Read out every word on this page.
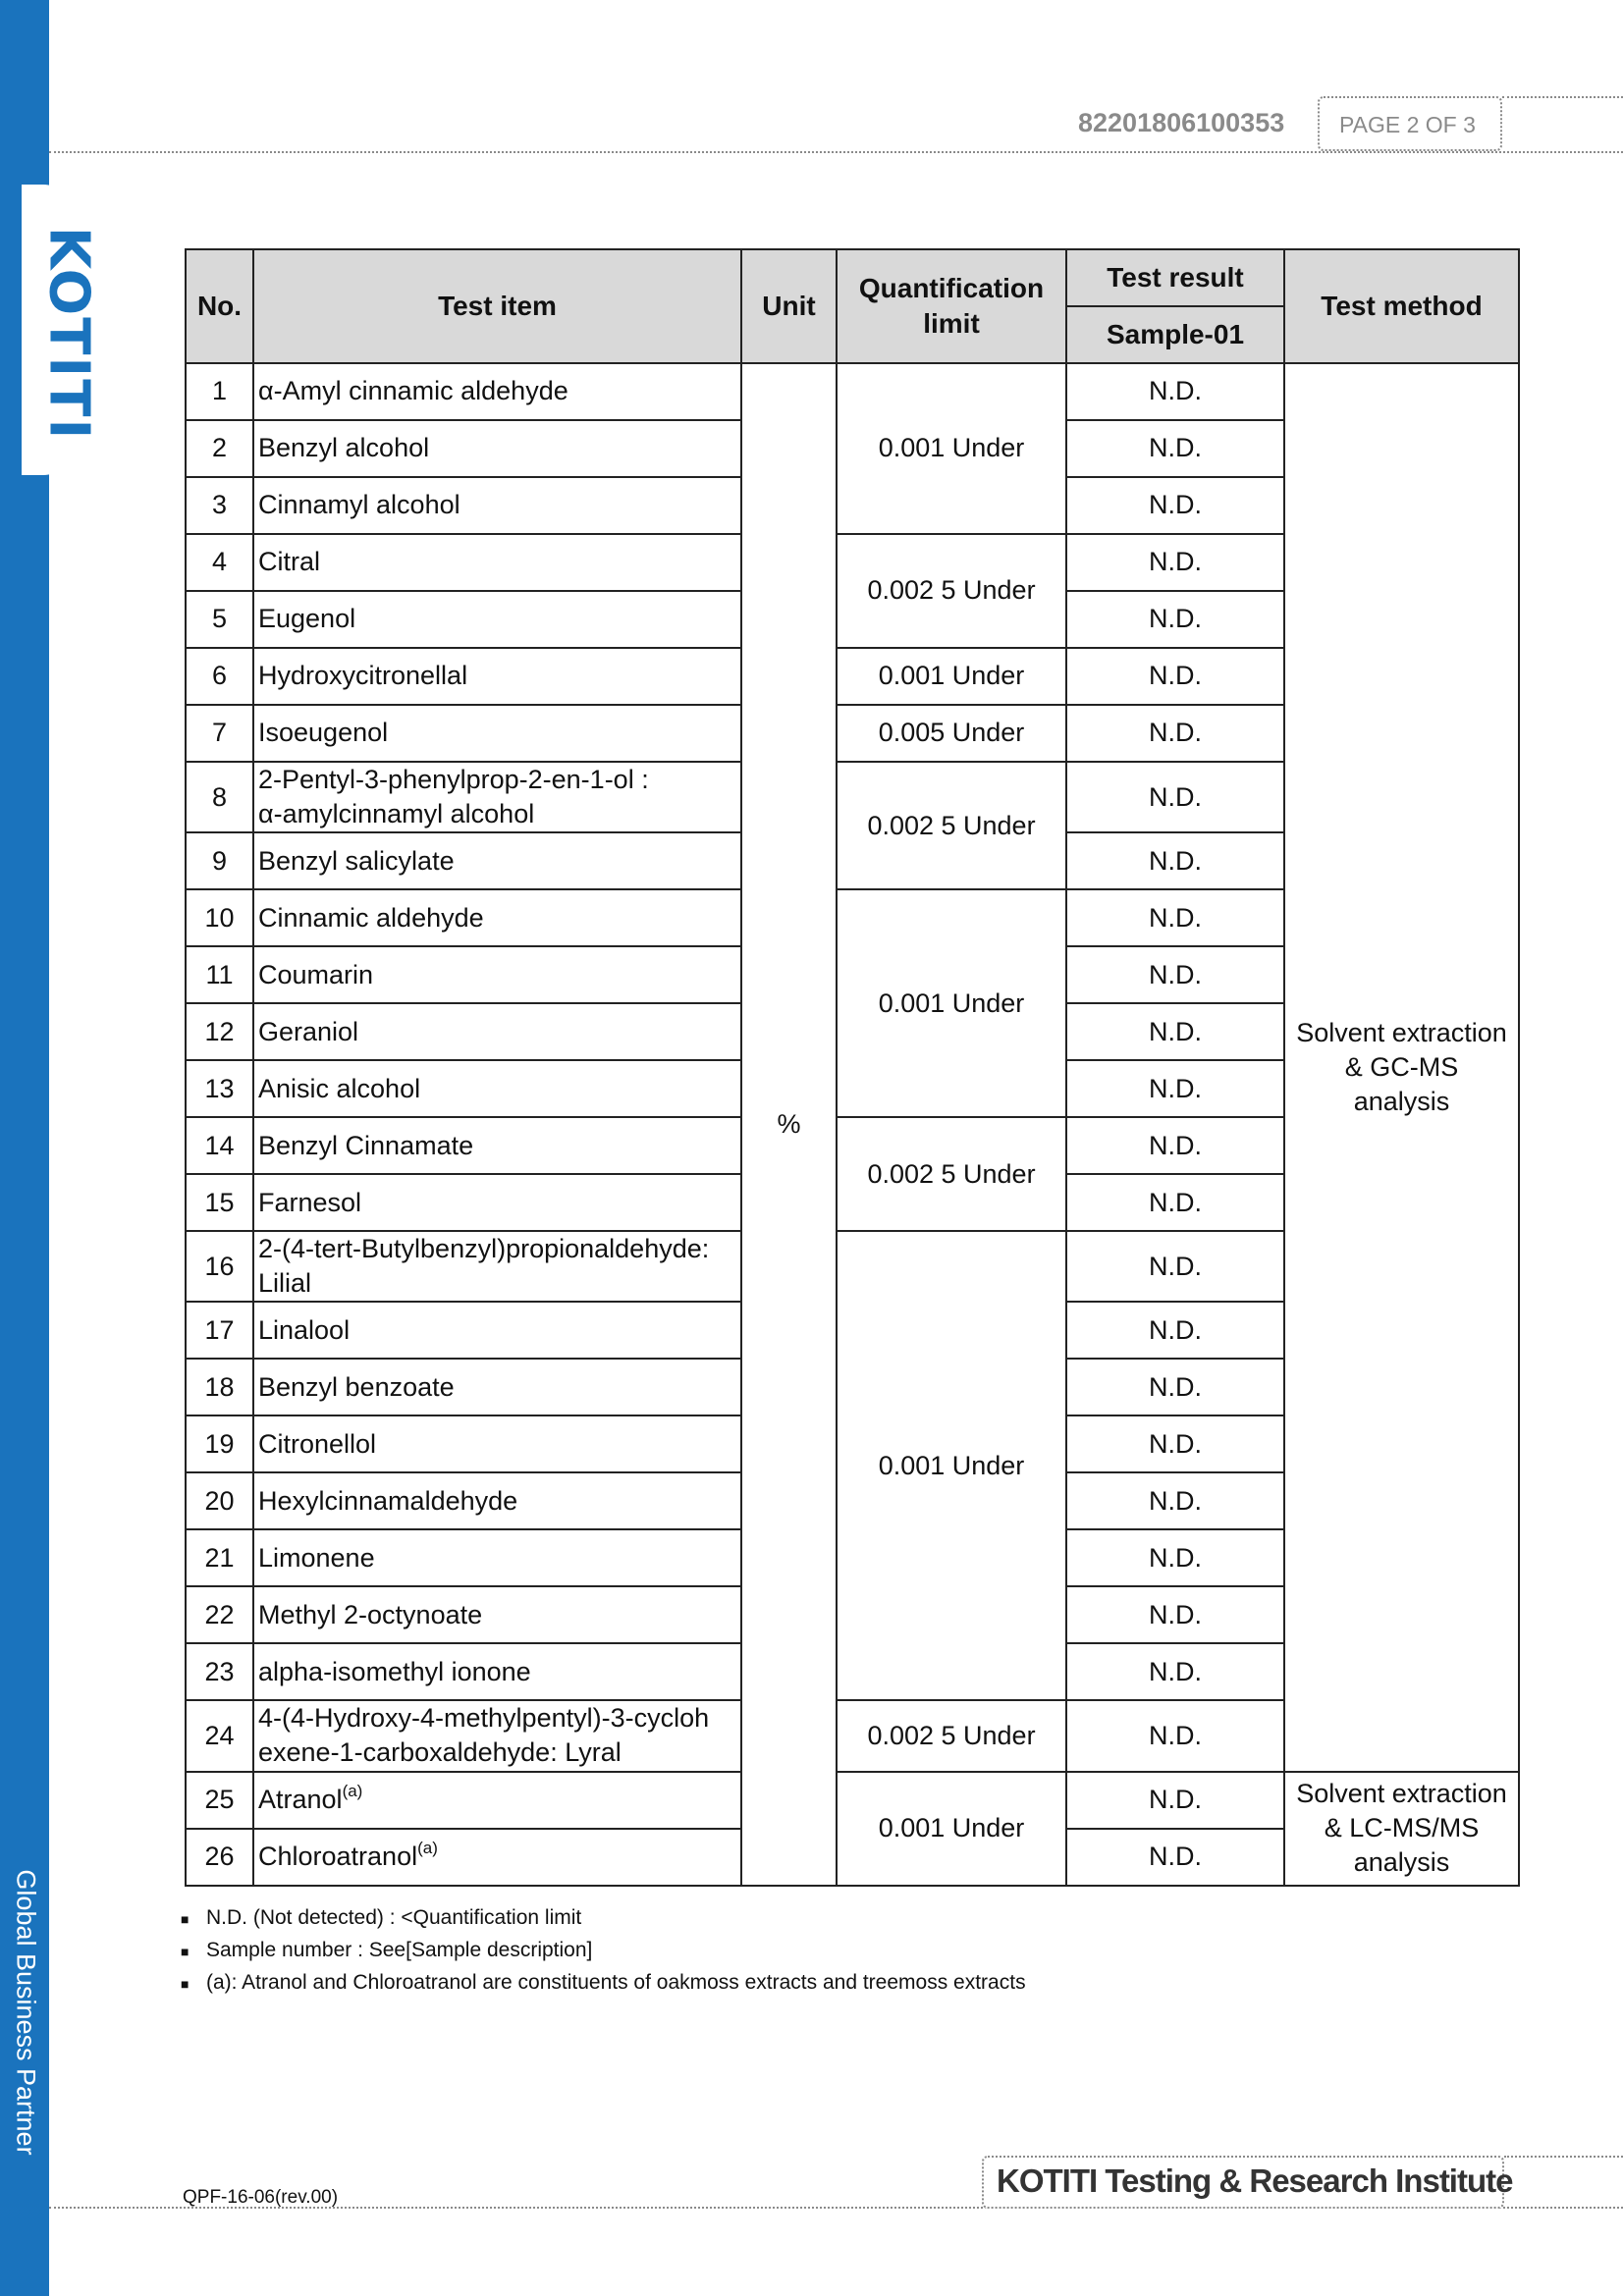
KOTITI
Global Business Partner
82201806100353 PAGE 2 OF 3
No.	Test item	Unit	Quantification limit	Test result	Test method
				Sample-01	
1	α-Amyl cinnamic aldehyde	%	0.001 Under	N.D.	Solvent extraction
& GC-MS
analysis

2	Benzyl alcohol			N.D.	
3	Cinnamyl alcohol			N.D.	
4	Citral		0.002 5 Under	N.D.	
5	Eugenol			N.D.	
6	Hydroxycitronellal		0.001 Under	N.D.	
7	Isoeugenol		0.005 Under	N.D.	
8	2-Pentyl-3-phenylprop-2-en-1-ol :
α-amylcinnamyl alcohol		0.002 5 Under	N.D.	
9	Benzyl salicylate			N.D.	
10	Cinnamic aldehyde		0.001 Under	N.D.	
11	Coumarin			N.D.	
12	Geraniol			N.D.	
13	Anisic alcohol			N.D.	
14	Benzyl Cinnamate		0.002 5 Under	N.D.	
15	Farnesol			N.D.	
16	2-(4-tert-Butylbenzyl)propionaldehyde:
Lilial		0.001 Under	N.D.	
17	Linalool			N.D.	
18	Benzyl benzoate			N.D.	
19	Citronellol			N.D.	
20	Hexylcinnamaldehyde			N.D.	
21	Limonene			N.D.	
22	Methyl 2-octynoate			N.D.	
23	alpha-isomethyl ionone			N.D.	
24	4-(4-Hydroxy-4-methylpentyl)-3-cycloh
exene-1-carboxaldehyde: Lyral		0.002 5 Under	N.D.	
25	Atranol$^{(a)}$		0.001 Under	N.D.	Solvent extraction
& LC-MS/MS
analysis

26	Chloroatranol$^{(a)}$			N.D.	
■ N.D. (Not detected) : <Quantification limit
■ Sample number : See[Sample description]
■ (a): Atranol and Chloroatranol are constituents of oakmoss extracts and treemoss extracts
QPF-16-06(rev.00)	KOTITI Testing & Research Institute
